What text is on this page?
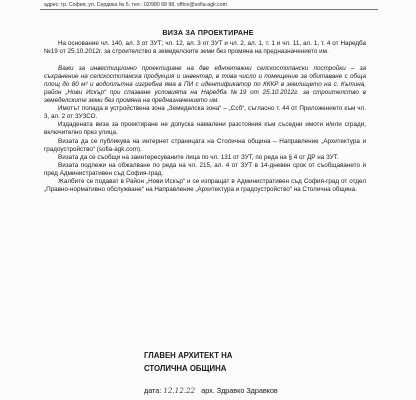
адрес: гр. София, ул. Сердика № 5, тел.: 02/980 68 98, office@sofia-agk.com
ВИЗА ЗА ПРОЕКТИРАНЕ

На основание чл. 140, ал. 3 от ЗУТ; чл. 12, ал. 3 от ЗУТ и чл. 2, ал. 1, т. 1 и чл. 11, ал. 1, т. 4 от Наредба №19 от 25.10.2012г. за строителство в земеделските земи без промяна на предназначението им.

Важи за инвестиционно проектиране на две едноетажни селскостопански постройки – за съхранение на селскостопанска продукция и инвентар, в това число и помещение за обитаване с обща площ до 80 м² и водоплътна изгребна яма в ПИ с идентификатор по КККР в землището на с. Кътина, район „Нови Искър“ при спазване условията на Наредба №19 от 25.10.2012г. за строителство в земеделските земи без промяна на предназначението им.

Имотът попада в устройствена зона „Земеделска зона“ – „Ссб“, съгласно т. 44 от Приложението към чл. 3, ал. 2 от ЗУЗСО.

Издадената виза за проектиране не допуска намалени разстояния към съседни имоти и/или сгради, включително през улица.

Визата да се публикува на интернет страницата на Столична община – Направление „Архитектура и градоустройство“ (sofia-agk.com).

Визата да се съобщи на заинтересуваните лица по чл. 131 от ЗУТ, по реда на § 4 от ДР на ЗУТ.

Визата подлежи на обжалване по реда на чл. 215, ал. 4 от ЗУТ в 14-дневен срок от съобщаването ѝ пред Административен съд София-град.

Жалбите се подават в Район „Нови Искър“ и се изпращат в Административен съд София-град от отдел „Правно-нормативно обслужване“ на Направление „Архитектура и градоустройство“ на Столична община.

ГЛАВЕН АРХИТЕКТ НА
СТОЛИЧНА ОБЩИНА
дата: 12.12.22 арх. Здравко Здравков
